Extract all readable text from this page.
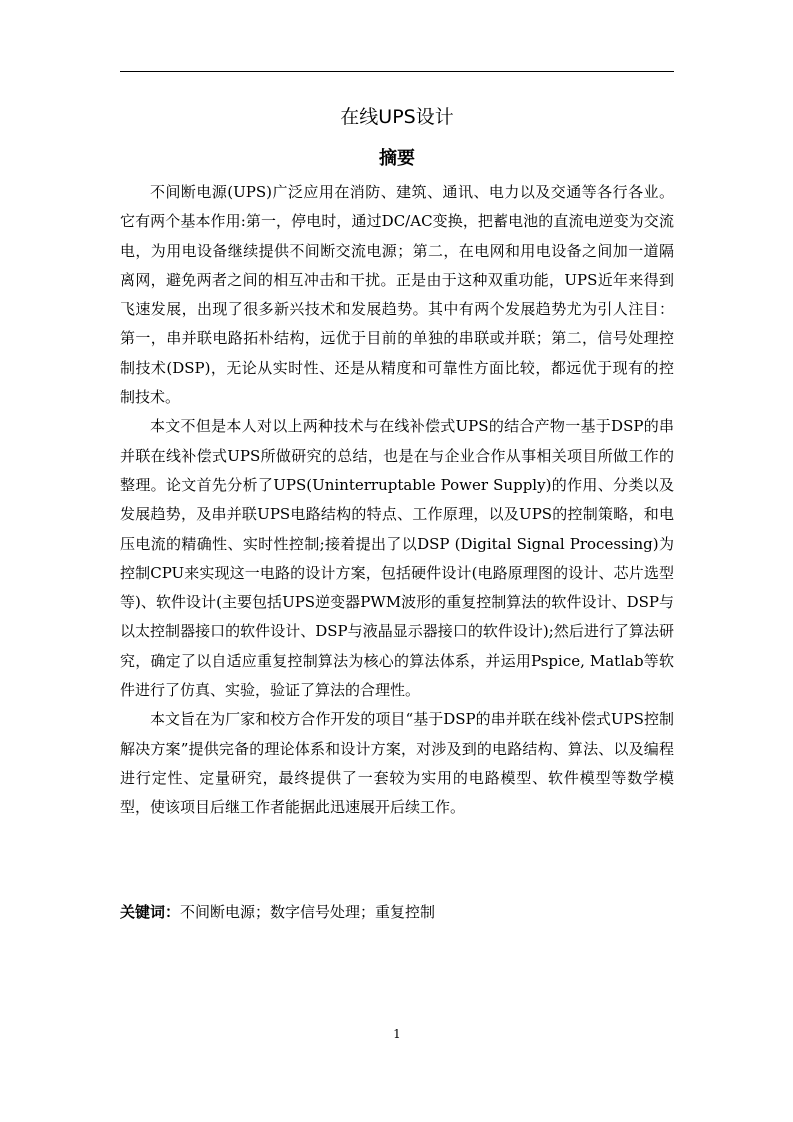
在线UPS设计
摘要

不间断电源(UPS)广泛应用在消防、建筑、通讯、电力以及交通等各行各业。它有两个基本作用:第一，停电时，通过DC/AC变换，把蓄电池的直流电逆变为交流电，为用电设备继续提供不间断交流电源；第二，在电网和用电设备之间加一道隔离网，避免两者之间的相互冲击和干扰。正是由于这种双重功能，UPS近年来得到飞速发展，出现了很多新兴技术和发展趋势。其中有两个发展趋势尤为引人注目：第一，串并联电路拓朴结构，远优于目前的单独的串联或并联；第二，信号处理控制技术(DSP)，无论从实时性、还是从精度和可靠性方面比较，都远优于现有的控制技术。

本文不但是本人对以上两种技术与在线补偿式UPS的结合产物一基于DSP的串并联在线补偿式UPS所做研究的总结，也是在与企业合作从事相关项目所做工作的整理。论文首先分析了UPS(Uninterruptable Power Supply)的作用、分类以及发展趋势，及串并联UPS电路结构的特点、工作原理，以及UPS的控制策略，和电压电流的精确性、实时性控制;接着提出了以DSP (Digital Signal Processing)为控制CPU来实现这一电路的设计方案，包括硬件设计(电路原理图的设计、芯片选型等)、软件设计(主要包括UPS逆变器PWM波形的重复控制算法的软件设计、DSP与以太控制器接口的软件设计、DSP与液晶显示器接口的软件设计);然后进行了算法研究，确定了以自适应重复控制算法为核心的算法体系，并运用Pspice, Matlab等软件进行了仿真、实验，验证了算法的合理性。

本文旨在为厂家和校方合作开发的项目“基于DSP的串并联在线补偿式UPS控制解决方案”提供完备的理论体系和设计方案，对涉及到的电路结构、算法、以及编程进行定性、定量研究，最终提供了一套较为实用的电路模型、软件模型等数学模型，使该项目后继工作者能据此迅速展开后续工作。

关键词：不间断电源；数字信号处理；重复控制
1
